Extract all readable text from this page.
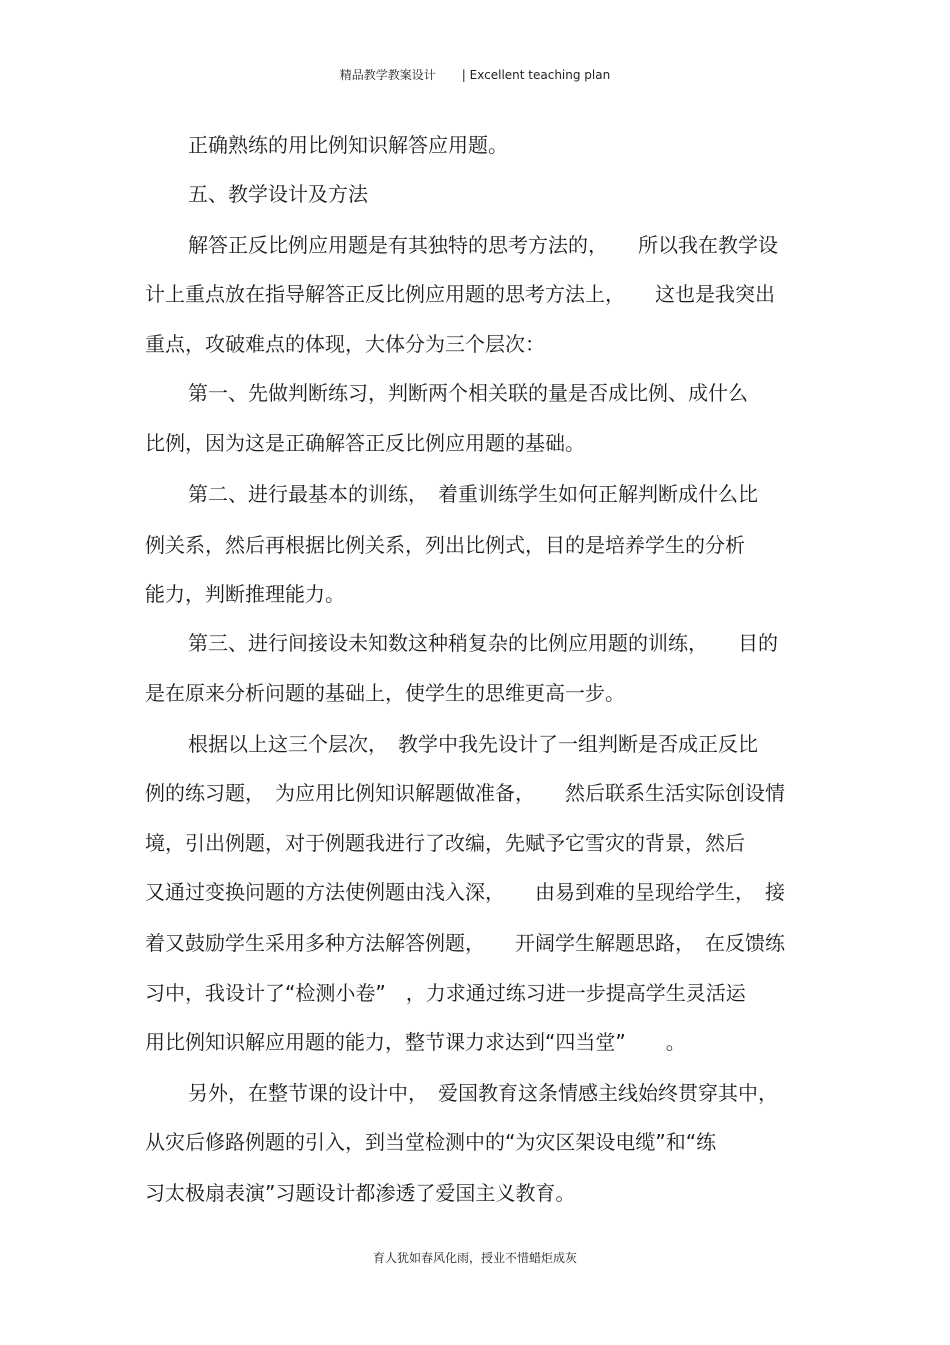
精品教学教案设计 | Excellent teaching plan
正确熟练的用比例知识解答应用题。
五、教学设计及方法
解答正反比例应用题是有其独特的思考方法的，　　所以我在教学设
计上重点放在指导解答正反比例应用题的思考方法上，　　这也是我突出
重点，攻破难点的体现，大体分为三个层次：
第一、先做判断练习，判断两个相关联的量是否成比例、成什么
比例，因为这是正确解答正反比例应用题的基础。
第二、进行最基本的训练，　着重训练学生如何正解判断成什么比
例关系，然后再根据比例关系，列出比例式，目的是培养学生的分析
能力，判断推理能力。
第三、进行间接设未知数这种稍复杂的比例应用题的训练，　　目的
是在原来分析问题的基础上，使学生的思维更高一步。
根据以上这三个层次，　教学中我先设计了一组判断是否成正反比
例的练习题，　为应用比例知识解题做准备，　　然后联系生活实际创设情
境，引出例题，对于例题我进行了改编，先赋予它雪灾的背景，然后
又通过变换问题的方法使例题由浅入深，　　由易到难的呈现给学生，　接
着又鼓励学生采用多种方法解答例题，　　开阔学生解题思路，　在反馈练
习中，我设计了“检测小卷”　，力求通过练习进一步提高学生灵活运
用比例知识解应用题的能力，整节课力求达到“四当堂”　　。
另外，在整节课的设计中，　爱国教育这条情感主线始终贯穿其中，
从灾后修路例题的引入，到当堂检测中的“为灾区架设电缆”和“练
习太极扇表演”习题设计都渗透了爱国主义教育。
育人犹如春风化雨，授业不惜蜡炬成灰
